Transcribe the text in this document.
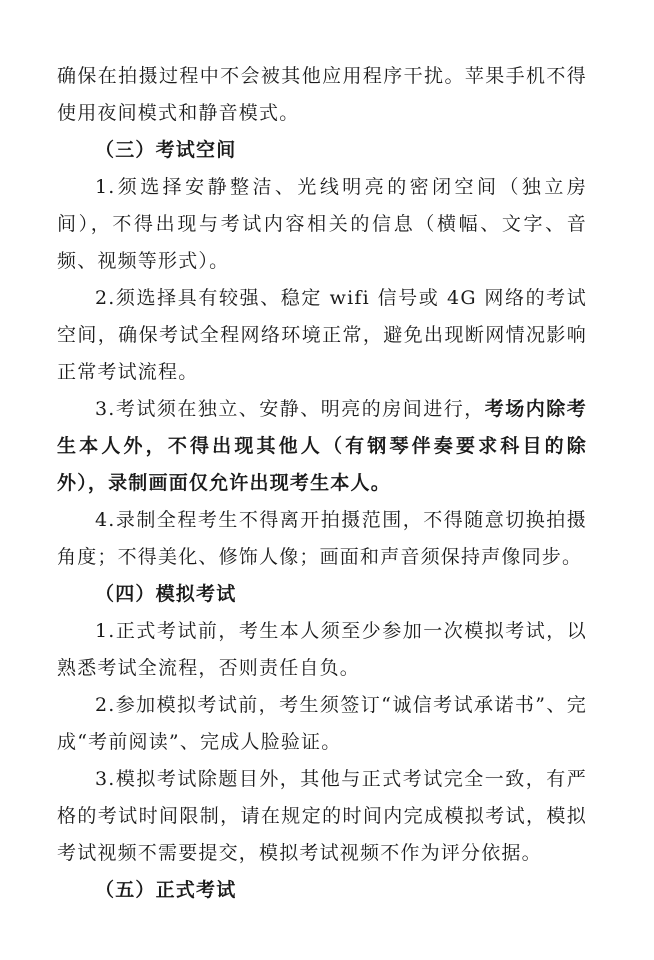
确保在拍摄过程中不会被其他应用程序干扰。苹果手机不得使用夜间模式和静音模式。

（三）考试空间

1.须选择安静整洁、光线明亮的密闭空间（独立房间），不得出现与考试内容相关的信息（横幅、文字、音频、视频等形式）。

2.须选择具有较强、稳定 wifi 信号或 4G 网络的考试空间，确保考试全程网络环境正常，避免出现断网情况影响正常考试流程。

3.考试须在独立、安静、明亮的房间进行，考场内除考生本人外，不得出现其他人（有钢琴伴奏要求科目的除外），录制画面仅允许出现考生本人。

4.录制全程考生不得离开拍摄范围，不得随意切换拍摄角度；不得美化、修饰人像；画面和声音须保持声像同步。

（四）模拟考试

1.正式考试前，考生本人须至少参加一次模拟考试，以熟悉考试全流程，否则责任自负。

2.参加模拟考试前，考生须签订“诚信考试承诺书”、完成“考前阅读”、完成人脸验证。

3.模拟考试除题目外，其他与正式考试完全一致，有严格的考试时间限制，请在规定的时间内完成模拟考试，模拟考试视频不需要提交，模拟考试视频不作为评分依据。

（五）正式考试
